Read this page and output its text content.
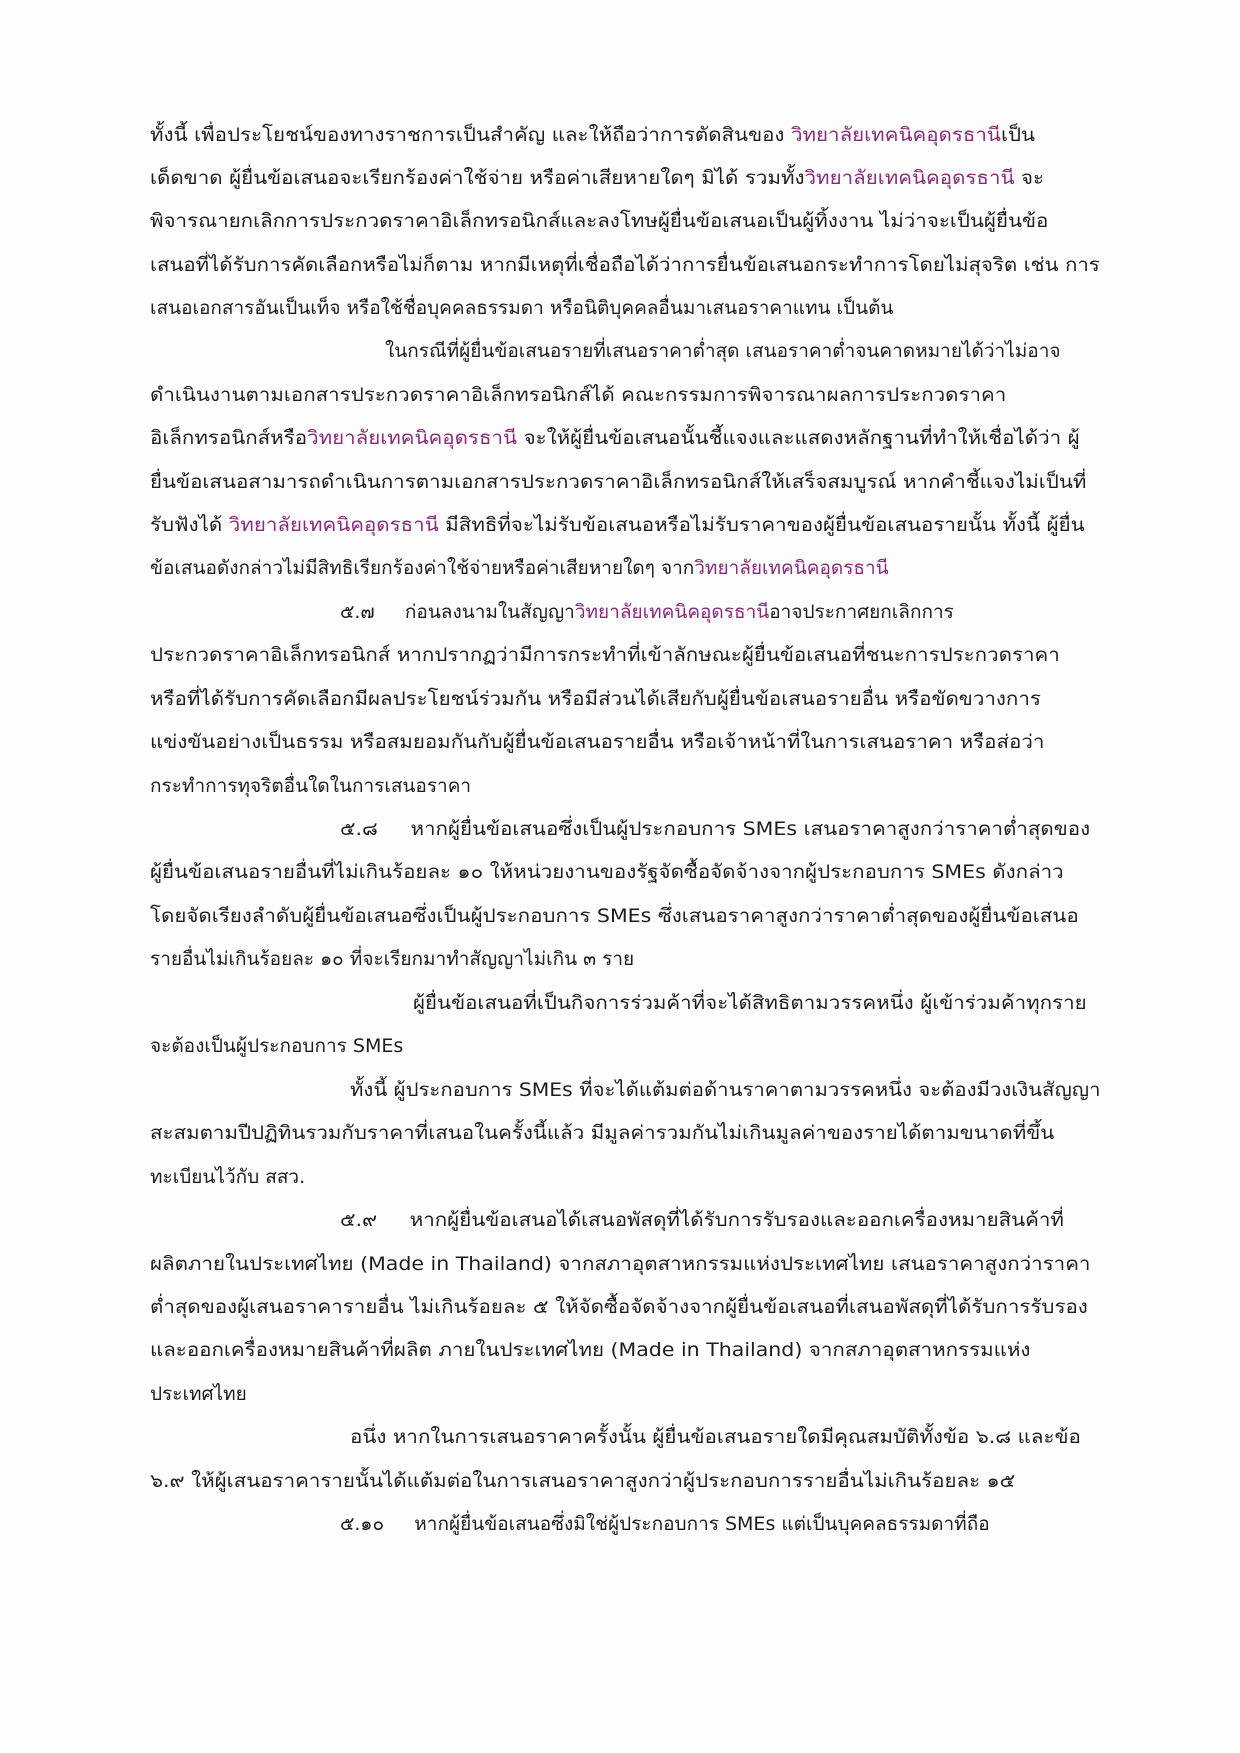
ทั้งนี้ เพื่อประโยชน์ของทางราชการเป็นสำคัญ และให้ถือว่าการตัดสินของ วิทยาลัยเทคนิคอุดรธานีเป็น
เด็ดขาด ผู้ยื่นข้อเสนอจะเรียกร้องค่าใช้จ่าย หรือค่าเสียหายใดๆ มิได้ รวมทั้งวิทยาลัยเทคนิคอุดรธานี จะ
พิจารณายกเลิกการประกวดราคาอิเล็กทรอนิกส์และลงโทษผู้ยื่นข้อเสนอเป็นผู้ทิ้งงาน ไม่ว่าจะเป็นผู้ยื่นข้อ
เสนอที่ได้รับการคัดเลือกหรือไม่ก็ตาม หากมีเหตุที่เชื่อถือได้ว่าการยื่นข้อเสนอกระทำการโดยไม่สุจริต เช่น การ
เสนอเอกสารอันเป็นเท็จ หรือใช้ชื่อบุคคลธรรมดา หรือนิติบุคคลอื่นมาเสนอราคาแทน เป็นต้น
ในกรณีที่ผู้ยื่นข้อเสนอรายที่เสนอราคาต่ำสุด เสนอราคาต่ำจนคาดหมายได้ว่าไม่อาจ
ดำเนินงานตามเอกสารประกวดราคาอิเล็กทรอนิกส์ได้ คณะกรรมการพิจารณาผลการประกวดราคา
อิเล็กทรอนิกส์หรือวิทยาลัยเทคนิคอุดรธานี จะให้ผู้ยื่นข้อเสนอนั้นชี้แจงและแสดงหลักฐานที่ทำให้เชื่อได้ว่า ผู้
ยื่นข้อเสนอสามารถดำเนินการตามเอกสารประกวดราคาอิเล็กทรอนิกส์ให้เสร็จสมบูรณ์ หากคำชี้แจงไม่เป็นที่
รับฟังได้ วิทยาลัยเทคนิคอุดรธานี มีสิทธิที่จะไม่รับข้อเสนอหรือไม่รับราคาของผู้ยื่นข้อเสนอรายนั้น ทั้งนี้ ผู้ยื่น
ข้อเสนอดังกล่าวไม่มีสิทธิเรียกร้องค่าใช้จ่ายหรือค่าเสียหายใดๆ จากวิทยาลัยเทคนิคอุดรธานี
๕.๗     ก่อนลงนามในสัญญาวิทยาลัยเทคนิคอุดรธานีอาจประกาศยกเลิกการ
ประกวดราคาอิเล็กทรอนิกส์ หากปรากฏว่ามีการกระทำที่เข้าลักษณะผู้ยื่นข้อเสนอที่ชนะการประกวดราคา
หรือที่ได้รับการคัดเลือกมีผลประโยชน์ร่วมกัน หรือมีส่วนได้เสียกับผู้ยื่นข้อเสนอรายอื่น หรือขัดขวางการ
แข่งขันอย่างเป็นธรรม หรือสมยอมกันกับผู้ยื่นข้อเสนอรายอื่น หรือเจ้าหน้าที่ในการเสนอราคา หรือส่อว่า
กระทำการทุจริตอื่นใดในการเสนอราคา
๕.๘     หากผู้ยื่นข้อเสนอซึ่งเป็นผู้ประกอบการ SMEs เสนอราคาสูงกว่าราคาต่ำสุดของ
ผู้ยื่นข้อเสนอรายอื่นที่ไม่เกินร้อยละ ๑๐ ให้หน่วยงานของรัฐจัดซื้อจัดจ้างจากผู้ประกอบการ SMEs ดังกล่าว
โดยจัดเรียงลำดับผู้ยื่นข้อเสนอซึ่งเป็นผู้ประกอบการ SMEs ซึ่งเสนอราคาสูงกว่าราคาต่ำสุดของผู้ยื่นข้อเสนอ
รายอื่นไม่เกินร้อยละ ๑๐ ที่จะเรียกมาทำสัญญาไม่เกิน ๓ ราย
ผู้ยื่นข้อเสนอที่เป็นกิจการร่วมค้าที่จะได้สิทธิตามวรรคหนึ่ง ผู้เข้าร่วมค้าทุกราย
จะต้องเป็นผู้ประกอบการ SMEs
ทั้งนี้ ผู้ประกอบการ SMEs ที่จะได้แต้มต่อด้านราคาตามวรรคหนึ่ง จะต้องมีวงเงินสัญญา
สะสมตามปีปฏิทินรวมกับราคาที่เสนอในครั้งนี้แล้ว มีมูลค่ารวมกันไม่เกินมูลค่าของรายได้ตามขนาดที่ขึ้น
ทะเบียนไว้กับ สสว.
๕.๙     หากผู้ยื่นข้อเสนอได้เสนอพัสดุที่ได้รับการรับรองและออกเครื่องหมายสินค้าที่
ผลิตภายในประเทศไทย (Made in Thailand) จากสภาอุตสาหกรรมแห่งประเทศไทย เสนอราคาสูงกว่าราคา
ต่ำสุดของผู้เสนอราคารายอื่น ไม่เกินร้อยละ ๕ ให้จัดซื้อจัดจ้างจากผู้ยื่นข้อเสนอที่เสนอพัสดุที่ได้รับการรับรอง
และออกเครื่องหมายสินค้าที่ผลิต ภายในประเทศไทย (Made in Thailand) จากสภาอุตสาหกรรมแห่ง
ประเทศไทย
อนึ่ง หากในการเสนอราคาครั้งนั้น ผู้ยื่นข้อเสนอรายใดมีคุณสมบัติทั้งข้อ ๖.๘ และข้อ
๖.๙ ให้ผู้เสนอราคารายนั้นได้แต้มต่อในการเสนอราคาสูงกว่าผู้ประกอบการรายอื่นไม่เกินร้อยละ ๑๕
๕.๑๐     หากผู้ยื่นข้อเสนอซึ่งมิใช่ผู้ประกอบการ SMEs แต่เป็นบุคคลธรรมดาที่ถือ
